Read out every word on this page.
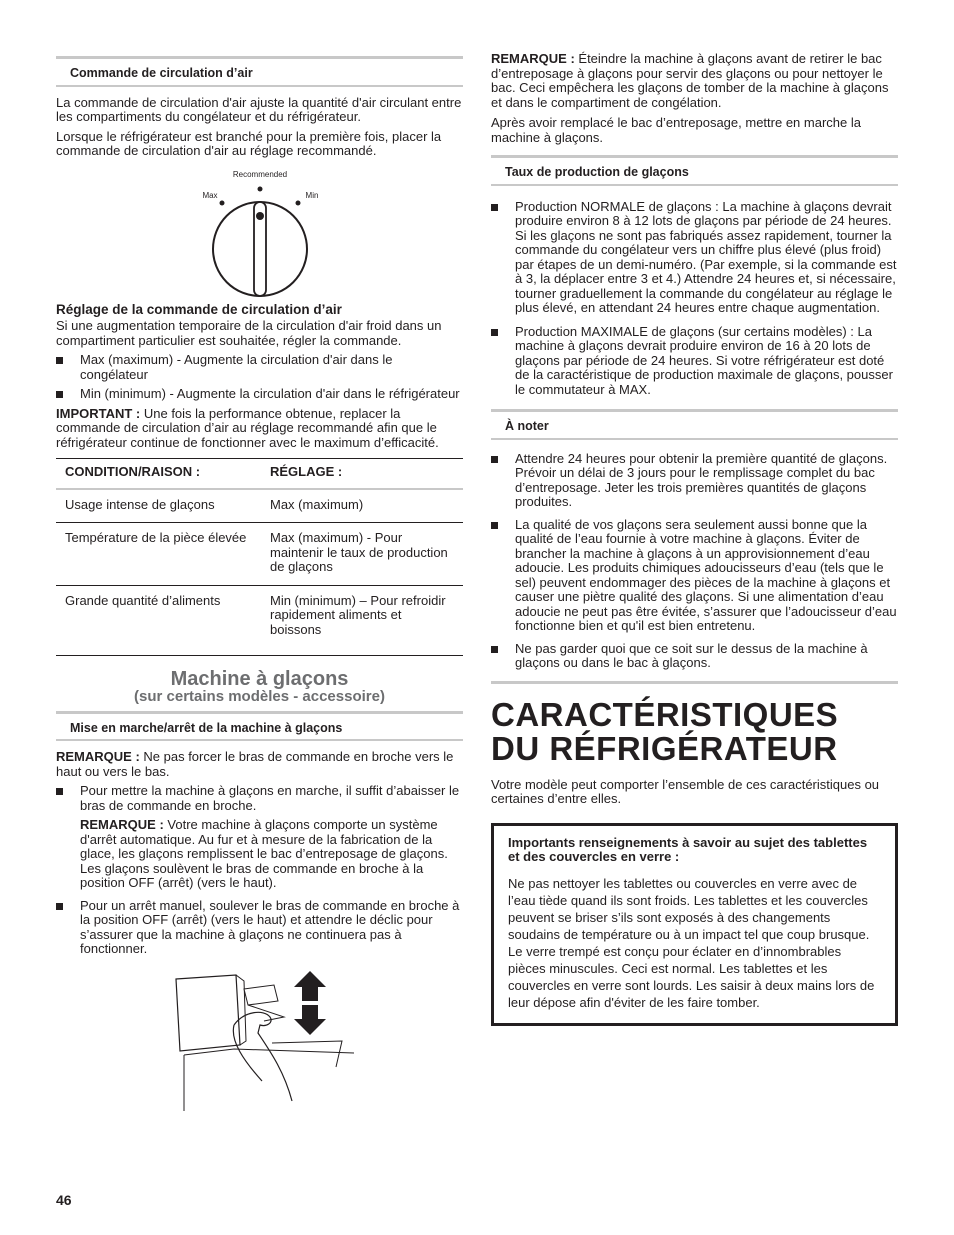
Commande de circulation d’air

La commande de circulation d'air ajuste la quantité d'air circulant entre les compartiments du congélateur et du réfrigérateur.

Lorsque le réfrigérateur est branché pour la première fois, placer la commande de circulation d'air au réglage recommandé.

Recommended
Max	Min
Réglage de la commande de circulation d’air

Si une augmentation temporaire de la circulation d'air froid dans un compartiment particulier est souhaitée, régler la commande.

Max (maximum) - Augmente la circulation d'air dans le congélateur
Min (minimum) - Augmente la circulation d'air dans le réfrigérateur

IMPORTANT : Une fois la performance obtenue, replacer la commande de circulation d’air au réglage recommandé afin que le réfrigérateur continue de fonctionner avec le maximum d’efficacité.

CONDITION/RAISON :	RÉGLAGE :
Usage intense de glaçons	Max (maximum)
Température de la pièce élevée	Max (maximum) - Pour maintenir le taux de production de glaçons
Grande quantité d’aliments	Min (minimum) – Pour refroidir rapidement aliments et boissons
Machine à glaçons
(sur certains modèles - accessoire)
Mise en marche/arrêt de la machine à glaçons

REMARQUE : Ne pas forcer le bras de commande en broche vers le haut ou vers le bas.

Pour mettre la machine à glaçons en marche, il suffit d’abaisser le bras de commande en broche.

REMARQUE : Votre machine à glaçons comporte un système d'arrêt automatique. Au fur et à mesure de la fabrication de la glace, les glaçons remplissent le bac d’entreposage de glaçons. Les glaçons soulèvent le bras de commande en broche à la position OFF (arrêt) (vers le haut).

Pour un arrêt manuel, soulever le bras de commande en broche à la position OFF (arrêt) (vers le haut) et attendre le déclic pour s’assurer que la machine à glaçons ne continuera pas à fonctionner.

REMARQUE : Éteindre la machine à glaçons avant de retirer le bac d’entreposage à glaçons pour servir des glaçons ou pour nettoyer le bac. Ceci empêchera les glaçons de tomber de la machine à glaçons et dans le compartiment de congélation.

Après avoir remplacé le bac d’entreposage, mettre en marche la machine à glaçons.

Taux de production de glaçons
Production NORMALE de glaçons : La machine à glaçons devrait produire environ 8 à 12 lots de glaçons par période de 24 heures. Si les glaçons ne sont pas fabriqués assez rapidement, tourner la commande du congélateur vers un chiffre plus élevé (plus froid) par étapes de un demi-numéro. (Par exemple, si la commande est à 3, la déplacer entre 3 et 4.) Attendre 24 heures et, si nécessaire, tourner graduellement la commande du congélateur au réglage le plus élevé, en attendant 24 heures entre chaque augmentation.
Production MAXIMALE de glaçons (sur certains modèles) : La machine à glaçons devrait produire environ de 16 à 20 lots de glaçons par période de 24 heures. Si votre réfrigérateur est doté de la caractéristique de production maximale de glaçons, pousser le commutateur à MAX.
À noter
Attendre 24 heures pour obtenir la première quantité de glaçons. Prévoir un délai de 3 jours pour le remplissage complet du bac d’entreposage. Jeter les trois premières quantités de glaçons produites.
La qualité de vos glaçons sera seulement aussi bonne que la qualité de l’eau fournie à votre machine à glaçons. Éviter de brancher la machine à glaçons à un approvisionnement d’eau adoucie. Les produits chimiques adoucisseurs d’eau (tels que le sel) peuvent endommager des pièces de la machine à glaçons et causer une piètre qualité des glaçons. Si une alimentation d’eau adoucie ne peut pas être évitée, s’assurer que l’adoucisseur d’eau fonctionne bien et qu'il est bien entretenu.
Ne pas garder quoi que ce soit sur le dessus de la machine à glaçons ou dans le bac à glaçons.
CARACTÉRISTIQUES
DU RÉFRIGÉRATEUR

Votre modèle peut comporter l’ensemble de ces caractéristiques ou certaines d’entre elles.

Importants renseignements à savoir au sujet des tablettes et des couvercles en verre :
Ne pas nettoyer les tablettes ou couvercles en verre avec de l’eau tiède quand ils sont froids. Les tablettes et les couvercles peuvent se briser s’ils sont exposés à des changements soudains de température ou à un impact tel que coup brusque. Le verre trempé est conçu pour éclater en d’innombrables pièces minuscules. Ceci est normal. Les tablettes et les couvercles en verre sont lourds. Les saisir à deux mains lors de leur dépose afin d'éviter de les faire tomber.
46
